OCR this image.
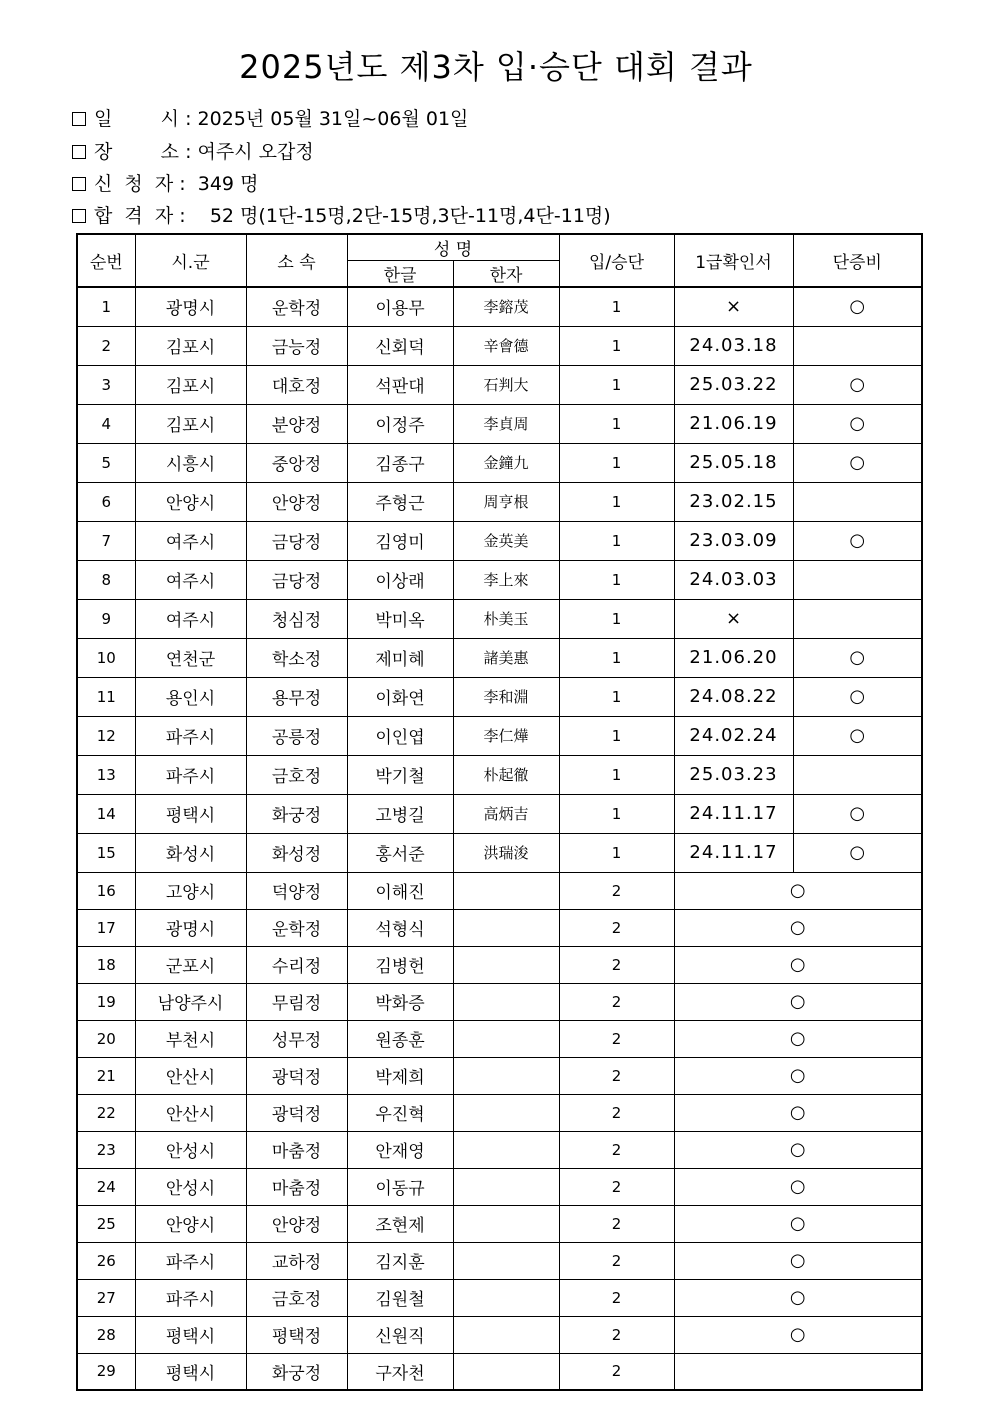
2025년도 제3차 입·승단 대회 결과
일        시 : 2025년 05월 31일~06월 01일
장        소 : 여주시 오갑정
신  청  자 :  349 명
합  격  자 :    52 명(1단-15명,2단-15명,3단-11명,4단-11명)
순번	시.군	소 속	성 명		입/승단	1급확인서	단증비
			한글	한자			
1	광명시	운학정	이용무	李鎔茂	1	×	○
2	김포시	금능정	신회덕	辛會德	1	24.03.18	
3	김포시	대호정	석판대	石判大	1	25.03.22	○
4	김포시	분양정	이정주	李貞周	1	21.06.19	○
5	시흥시	중앙정	김종구	金鐘九	1	25.05.18	○
6	안양시	안양정	주형근	周亨根	1	23.02.15	
7	여주시	금당정	김영미	金英美	1	23.03.09	○
8	여주시	금당정	이상래	李上來	1	24.03.03	
9	여주시	청심정	박미옥	朴美玉	1	×	
10	연천군	학소정	제미혜	諸美惠	1	21.06.20	○
11	용인시	용무정	이화연	李和淵	1	24.08.22	○
12	파주시	공릉정	이인엽	李仁燁	1	24.02.24	○
13	파주시	금호정	박기철	朴起徹	1	25.03.23	
14	평택시	화궁정	고병길	高炳吉	1	24.11.17	○
15	화성시	화성정	홍서준	洪瑞浚	1	24.11.17	○
16	고양시	덕양정	이해진		2	○	
17	광명시	운학정	석형식		2	○	
18	군포시	수리정	김병헌		2	○	
19	남양주시	무림정	박화증		2	○	
20	부천시	성무정	원종훈		2	○	
21	안산시	광덕정	박제희		2	○	
22	안산시	광덕정	우진혁		2	○	
23	안성시	마춤정	안재영		2	○	
24	안성시	마춤정	이동규		2	○	
25	안양시	안양정	조현제		2	○	
26	파주시	교하정	김지훈		2	○	
27	파주시	금호정	김원철		2	○	
28	평택시	평택정	신원직		2	○	
29	평택시	화궁정	구자천		2		
